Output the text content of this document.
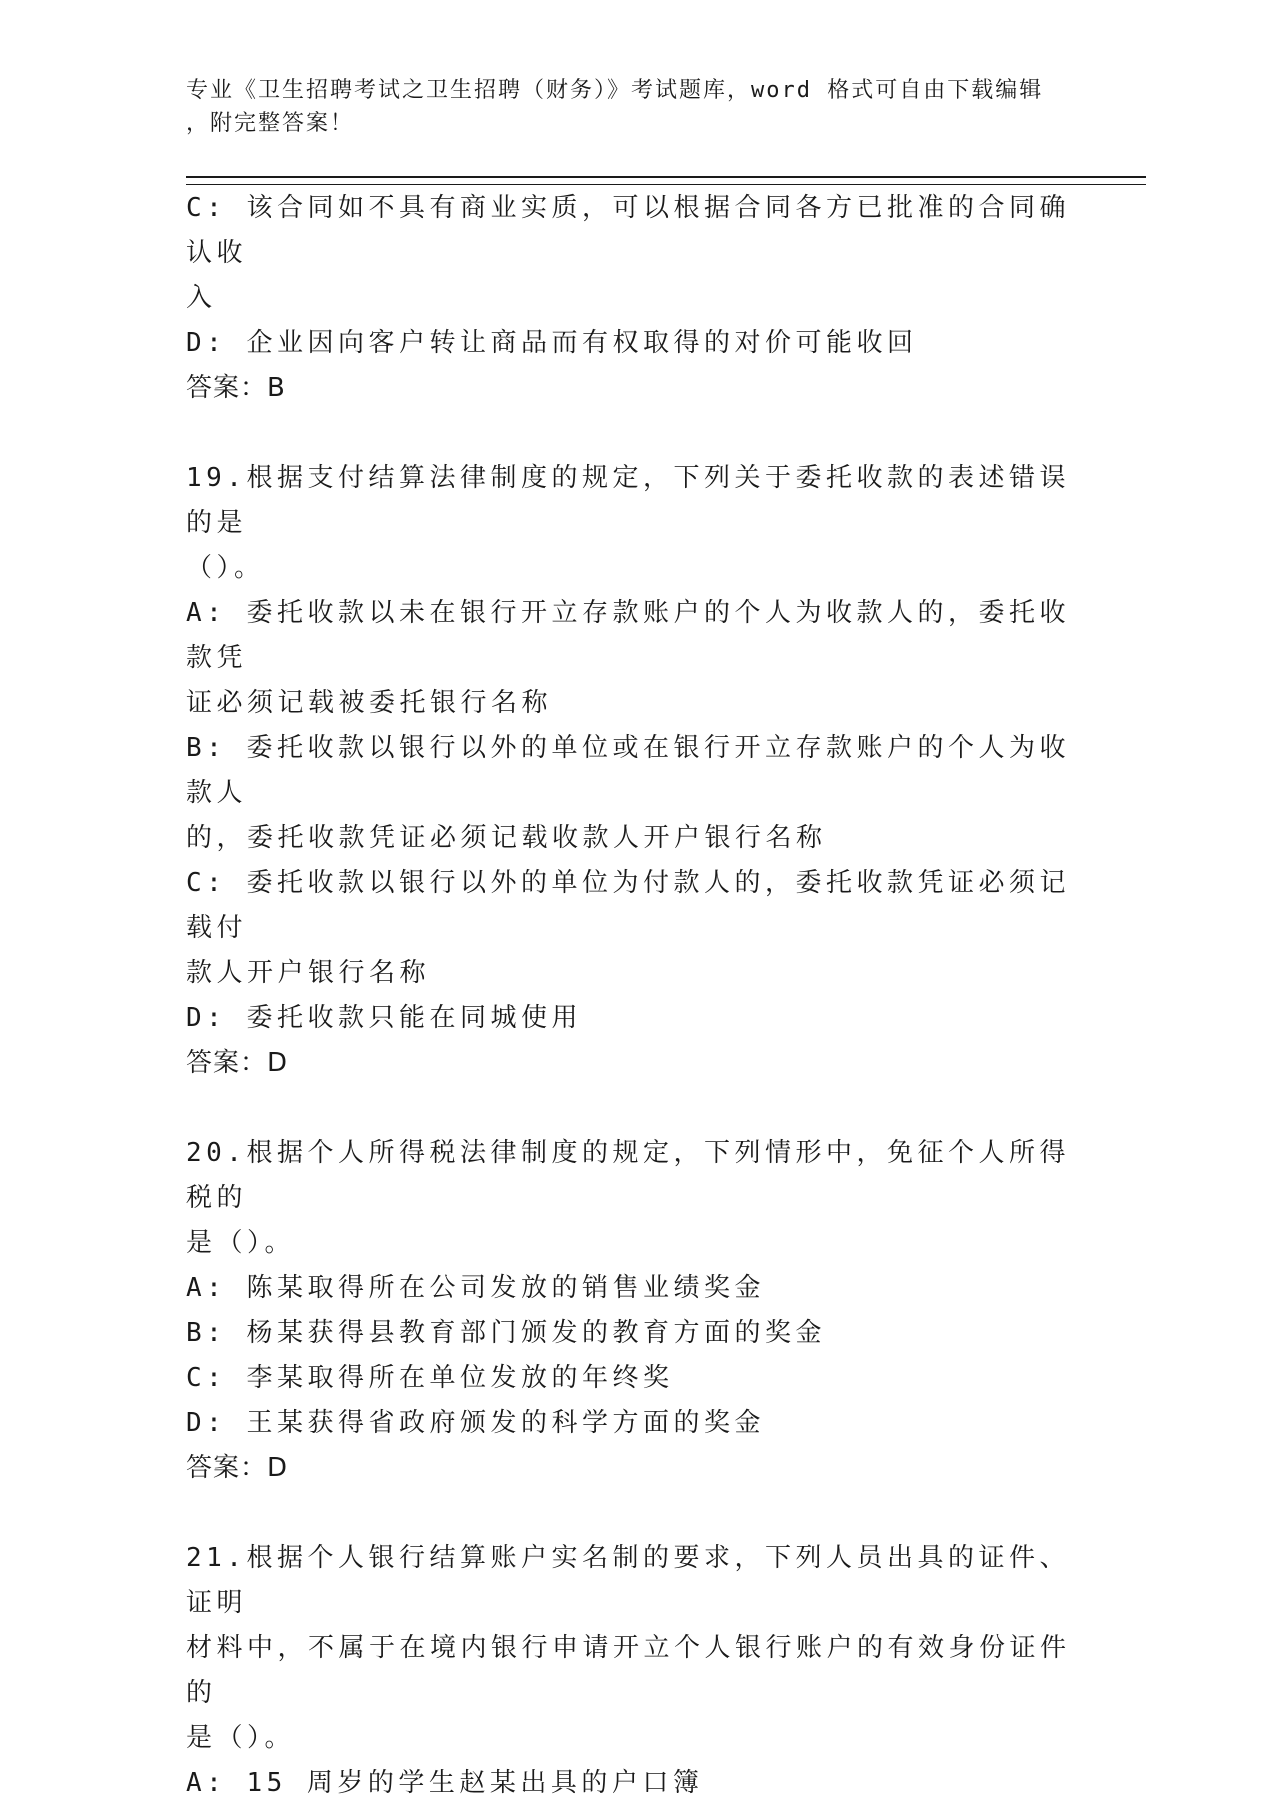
专业《卫生招聘考试之卫生招聘（财务）》考试题库，word 格式可自由下载编辑
，附完整答案！
C: 该合同如不具有商业实质，可以根据合同各方已批准的合同确认收
入
D: 企业因向客户转让商品而有权取得的对价可能收回
答案：B
19.根据支付结算法律制度的规定，下列关于委托收款的表述错误的是
（）。
A: 委托收款以未在银行开立存款账户的个人为收款人的，委托收款凭
证必须记载被委托银行名称
B: 委托收款以银行以外的单位或在银行开立存款账户的个人为收款人
的，委托收款凭证必须记载收款人开户银行名称
C: 委托收款以银行以外的单位为付款人的，委托收款凭证必须记载付
款人开户银行名称
D: 委托收款只能在同城使用
答案：D
20.根据个人所得税法律制度的规定，下列情形中，免征个人所得税的
是（）。
A: 陈某取得所在公司发放的销售业绩奖金
B: 杨某获得县教育部门颁发的教育方面的奖金
C: 李某取得所在单位发放的年终奖
D: 王某获得省政府颁发的科学方面的奖金
答案：D
21.根据个人银行结算账户实名制的要求，下列人员出具的证件、证明
材料中，不属于在境内银行申请开立个人银行账户的有效身份证件的
是（）。
A: 15 周岁的学生赵某出具的户口簿
